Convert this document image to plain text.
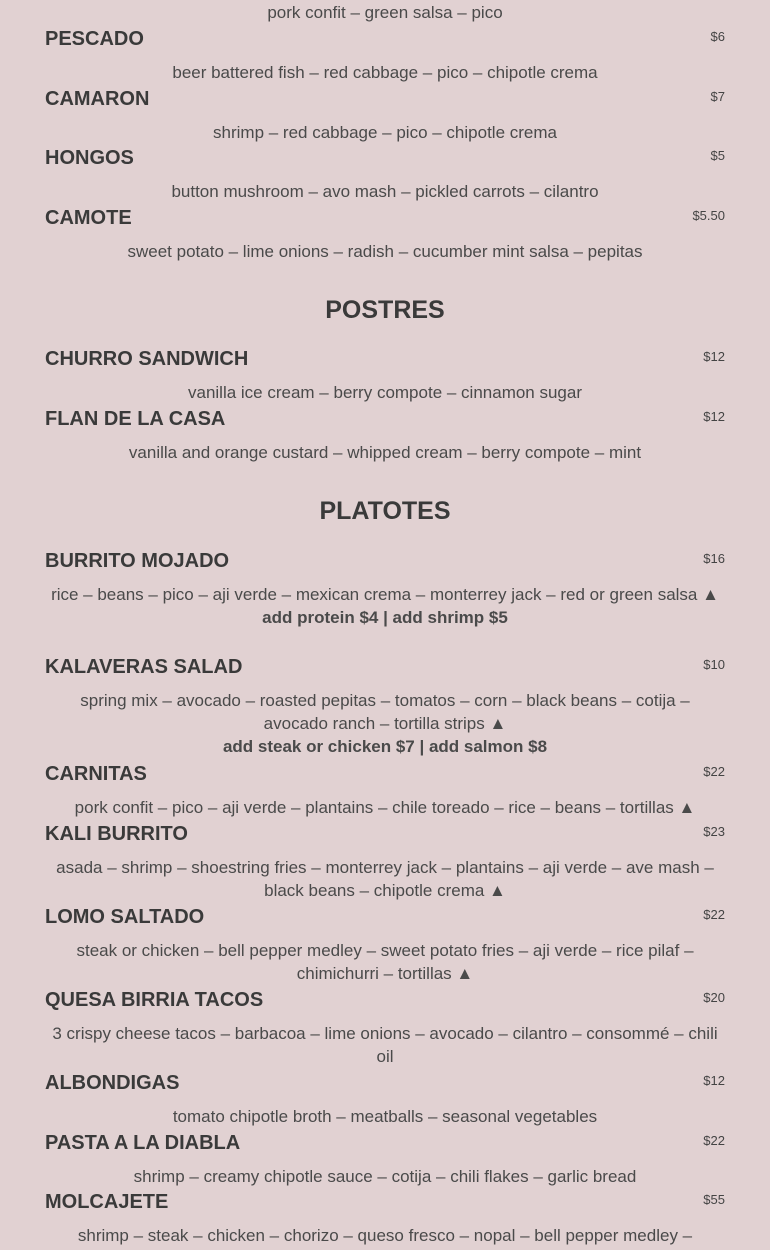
pork confit – green salsa – pico
PESCADO	$6
beer battered fish – red cabbage – pico – chipotle crema
CAMARON	$7
shrimp – red cabbage – pico – chipotle crema
HONGOS	$5
button mushroom – avo mash – pickled carrots – cilantro
CAMOTE	$5.50
sweet potato – lime onions – radish – cucumber mint salsa – pepitas
POSTRES
CHURRO SANDWICH	$12
vanilla ice cream – berry compote – cinnamon sugar
FLAN DE LA CASA	$12
vanilla and orange custard – whipped cream – berry compote – mint
PLATOTES
BURRITO MOJADO	$16
rice – beans – pico – aji verde – mexican crema – monterrey jack – red or green salsa ▲
add protein $4 | add shrimp $5
KALAVERAS SALAD	$10
spring mix – avocado – roasted pepitas – tomatos – corn – black beans – cotija – avocado ranch – tortilla strips ▲
add steak or chicken $7 | add salmon $8
CARNITAS	$22
pork confit – pico – aji verde – plantains – chile toreado – rice – beans – tortillas ▲
KALI BURRITO	$23
asada – shrimp – shoestring fries – monterrey jack – plantains – aji verde – ave mash – black beans – chipotle crema ▲
LOMO SALTADO	$22
steak or chicken – bell pepper medley – sweet potato fries – aji verde – rice pilaf – chimichurri – tortillas ▲
QUESA BIRRIA TACOS	$20
3 crispy cheese tacos – barbacoa – lime onions – avocado – cilantro – consommé – chili oil
ALBONDIGAS	$12
tomato chipotle broth – meatballs – seasonal vegetables
PASTA A LA DIABLA	$22
shrimp – creamy chipotle sauce – cotija – chili flakes – garlic bread
MOLCAJETE	$55
shrimp – steak – chicken – chorizo – queso fresco – nopal – bell pepper medley –
